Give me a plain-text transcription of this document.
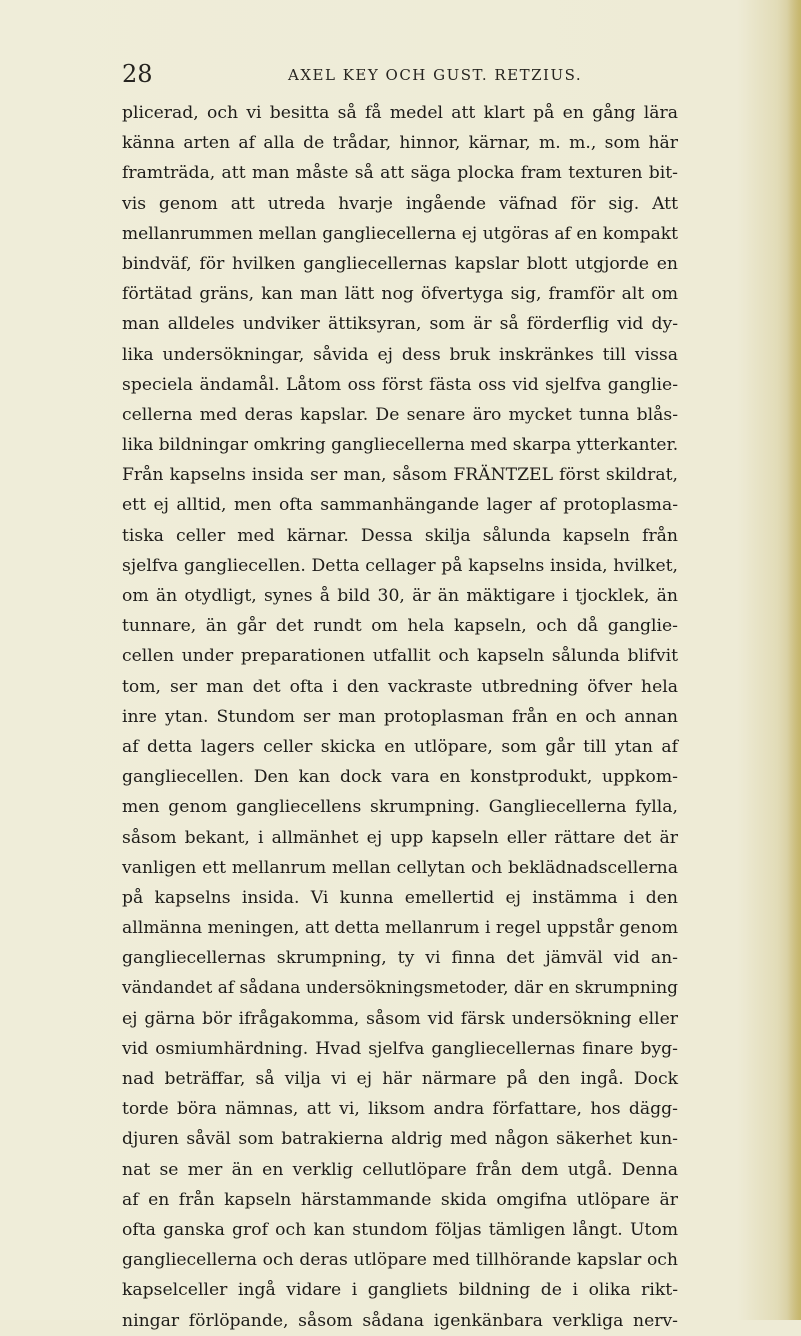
28	AXEL KEY OCH GUST. RETZIUS.
plicerad, och vi besitta så få medel att klart på en gång lära
känna arten af alla de trådar, hinnor, kärnar, m. m., som här
framträda, att man måste så att säga plocka fram texturen bit-
vis genom att utreda hvarje ingående väfnad för sig. Att
mellanrummen mellan gangliecellerna ej utgöras af en kompakt
bindväf, för hvilken gangliecellernas kapslar blott utgjorde en
förtätad gräns, kan man lätt nog öfvertyga sig, framför alt om
man alldeles undviker ättiksyran, som är så förderflig vid dy-
lika undersökningar, såvida ej dess bruk inskränkes till vissa
speciela ändamål. Låtom oss först fästa oss vid sjelfva ganglie-
cellerna med deras kapslar. De senare äro mycket tunna blås-
lika bildningar omkring gangliecellerna med skarpa ytterkanter.
Från kapselns insida ser man, såsom FRÄNTZEL först skildrat,
ett ej alltid, men ofta sammanhängande lager af protoplasma-
tiska celler med kärnar. Dessa skilja sålunda kapseln från
sjelfva gangliecellen. Detta cellager på kapselns insida, hvilket,
om än otydligt, synes å bild 30, är än mäktigare i tjocklek, än
tunnare, än går det rundt om hela kapseln, och då ganglie-
cellen under preparationen utfallit och kapseln sålunda blifvit
tom, ser man det ofta i den vackraste utbredning öfver hela
inre ytan. Stundom ser man protoplasman från en och annan
af detta lagers celler skicka en utlöpare, som går till ytan af
gangliecellen. Den kan dock vara en konstprodukt, uppkom-
men genom gangliecellens skrumpning. Gangliecellerna fylla,
såsom bekant, i allmänhet ej upp kapseln eller rättare det är
vanligen ett mellanrum mellan cellytan och beklädnadscellerna
på kapselns insida. Vi kunna emellertid ej instämma i den
allmänna meningen, att detta mellanrum i regel uppstår genom
gangliecellernas skrumpning, ty vi finna det jämväl vid an-
vändandet af sådana undersökningsmetoder, där en skrumpning
ej gärna bör ifrågakomma, såsom vid färsk undersökning eller
vid osmiumhärdning. Hvad sjelfva gangliecellernas finare byg-
nad beträffar, så vilja vi ej här närmare på den ingå. Dock
torde böra nämnas, att vi, liksom andra författare, hos dägg-
djuren såväl som batrakierna aldrig med någon säkerhet kun-
nat se mer än en verklig cellutlöpare från dem utgå. Denna
af en från kapseln härstammande skida omgifna utlöpare är
ofta ganska grof och kan stundom följas tämligen långt. Utom
gangliecellerna och deras utlöpare med tillhörande kapslar och
kapselceller ingå vidare i gangliets bildning de i olika rikt-
ningar förlöpande, såsom sådana igenkänbara verkliga nerv-
